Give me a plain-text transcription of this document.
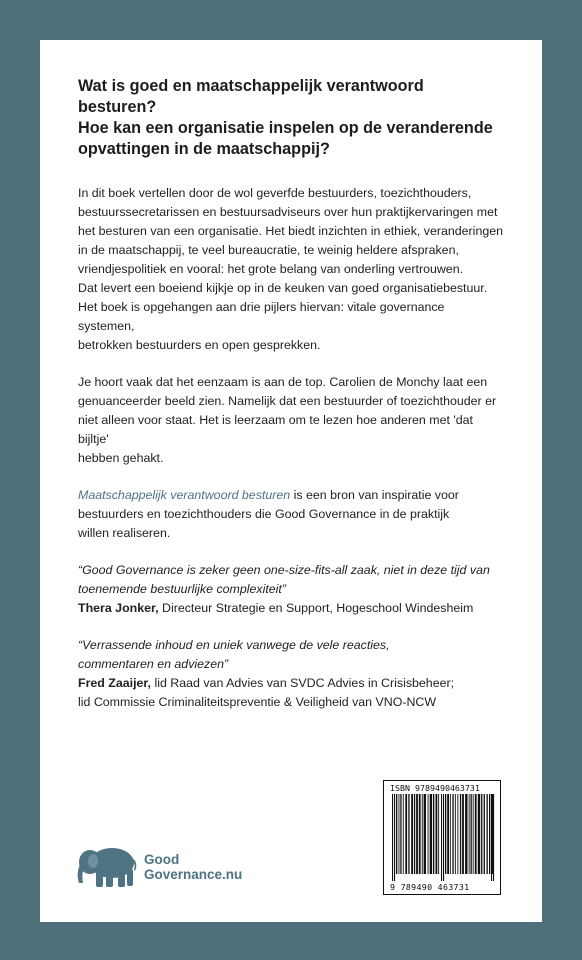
Wat is goed en maatschappelijk verantwoord besturen?
Hoe kan een organisatie inspelen op de veranderende
opvattingen in de maatschappij?

In dit boek vertellen door de wol geverfde bestuurders, toezichthouders,
bestuurssecretarissen en bestuursadviseurs over hun praktijkervaringen met
het besturen van een organisatie. Het biedt inzichten in ethiek, veranderingen
in de maatschappij, te veel bureaucratie, te weinig heldere afspraken,
vriendjespolitiek en vooral: het grote belang van onderling vertrouwen.
Dat levert een boeiend kijkje op in de keuken van goed organisatiebestuur.
Het boek is opgehangen aan drie pijlers hiervan: vitale governance systemen,
betrokken bestuurders en open gesprekken.

Je hoort vaak dat het eenzaam is aan de top. Carolien de Monchy laat een
genuanceerder beeld zien. Namelijk dat een bestuurder of toezichthouder er
niet alleen voor staat. Het is leerzaam om te lezen hoe anderen met 'dat bijltje'
hebben gehakt.

Maatschappelijk verantwoord besturen is een bron van inspiratie voor
bestuurders en toezichthouders die Good Governance in de praktijk
willen realiseren.

“Good Governance is zeker geen one-size-fits-all zaak, niet in deze tijd van
toenemende bestuurlijke complexiteit”
Thera Jonker, Directeur Strategie en Support, Hogeschool Windesheim
“Verrassende inhoud en uniek vanwege de vele reacties,
commentaren en adviezen”
Fred Zaaijer, lid Raad van Advies van SVDC Advies in Crisisbeheer;
lid Commissie Criminaliteitspreventie & Veiligheid van VNO-NCW
Good
Governance.nu
ISBN 9789490463731
9 789490 463731
